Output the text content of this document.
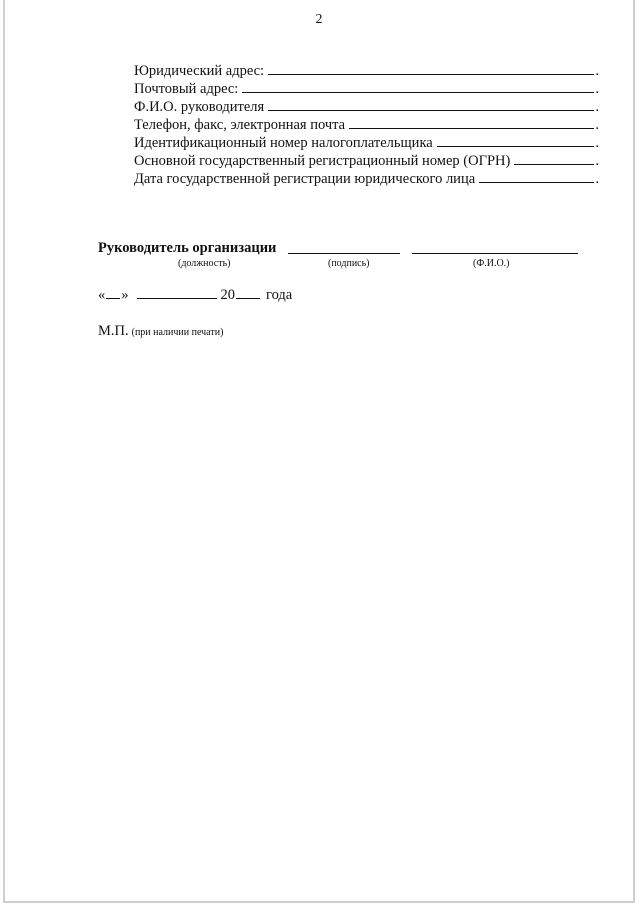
2
Юридический адрес:	.
Почтовый адрес:	.
Ф.И.О. руководителя	.
Телефон, факс, электронная почта	.
Идентификационный номер налогоплательщика	.
Основной государственный регистрационный номер (ОГРН)	.
Дата государственной регистрации юридического лица	.
Руководитель организации
(должность)	(подпись)	(Ф.И.О.)
« »	20 года
М.П. (при наличии печати)
